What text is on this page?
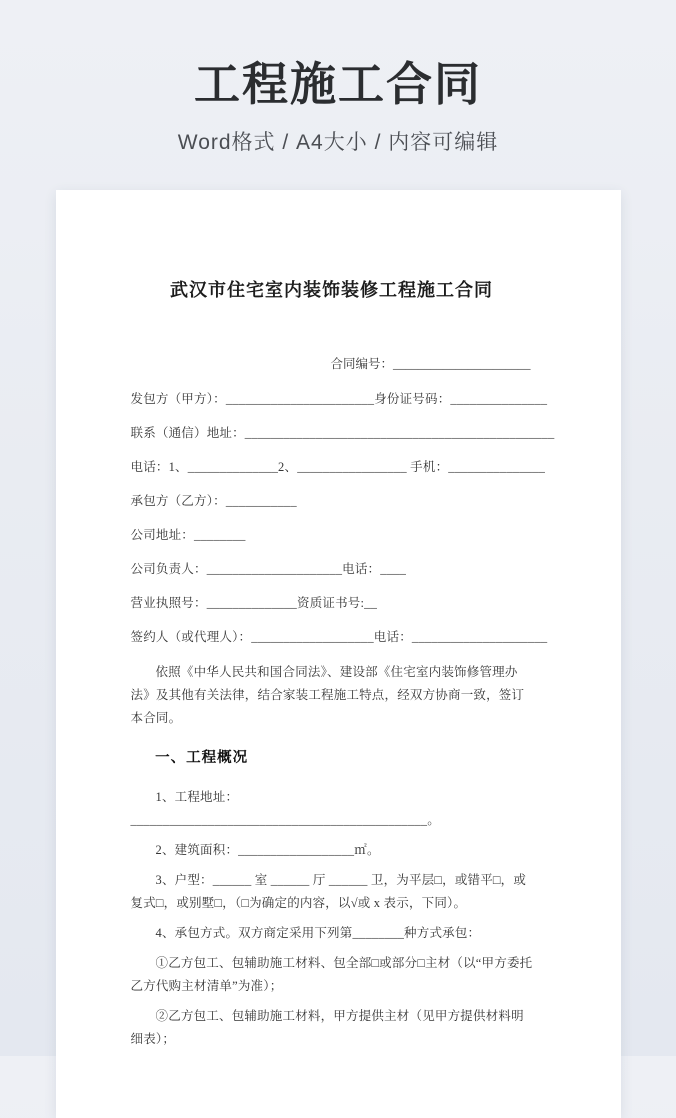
工程施工合同

Word格式 / A4大小 / 内容可编辑

武汉市住宅室内装饰装修工程施工合同
合同编号：______________________
发包方（甲方）：_______________________身份证号码：_______________
联系（通信）地址：________________________________________________
电话：1、______________2、_________________ 手机：_______________
承包方（乙方）：___________
公司地址：________
公司负责人：_____________________电话：____
营业执照号：______________资质证书号:__
签约人（或代理人）：___________________电话：_____________________

依照《中华人民共和国合同法》、建设部《住宅室内装饰修管理办法》及其他有关法律，结合家装工程施工特点，经双方协商一致，签订本合同。

一、工程概况

1、工程地址：______________________________________________。

2、建筑面积：__________________㎡。

3、户型：______ 室 ______ 厅 ______ 卫，为平层□，或错平□，或复式□，或别墅□，（□为确定的内容，以√或 x 表示，下同）。

4、承包方式。双方商定采用下列第________种方式承包：

①乙方包工、包辅助施工材料、包全部□或部分□主材（以“甲方委托乙方代购主材清单”为准）；

②乙方包工、包辅助施工材料，甲方提供主材（见甲方提供材料明细表）；
